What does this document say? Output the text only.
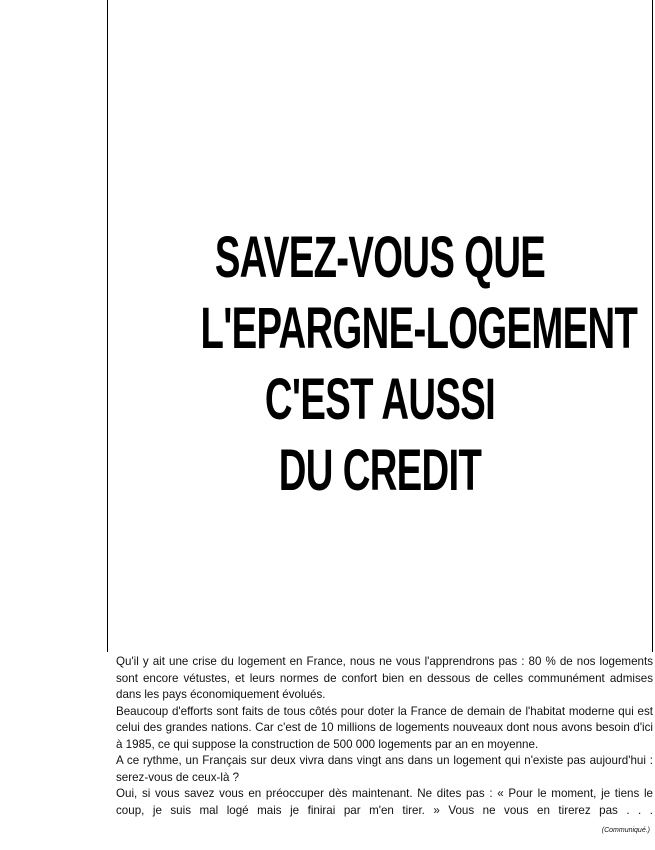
SAVEZ-VOUS QUE
L'EPARGNE-LOGEMENT
C'EST AUSSI
DU CREDIT

Qu'il y ait une crise du logement en France, nous ne vous l'apprendrons pas : 80 % de nos logements sont encore vétustes, et leurs normes de confort bien en dessous de celles communément admises dans les pays économiquement évolués.

Beaucoup d'efforts sont faits de tous côtés pour doter la France de demain de l'habitat moderne qui est celui des grandes nations. Car c'est de 10 millions de logements nouveaux dont nous avons besoin d'ici à 1985, ce qui suppose la construction de 500 000 logements par an en moyenne.

A ce rythme, un Français sur deux vivra dans vingt ans dans un logement qui n'existe pas aujourd'hui : serez-vous de ceux-là ?

Oui, si vous savez vous en préoccuper dès maintenant. Ne dites pas : « Pour le moment, je tiens le coup, je suis mal logé mais je finirai par m'en tirer. » Vous ne vous en tirerez pas . . .

(Communiqué.)
